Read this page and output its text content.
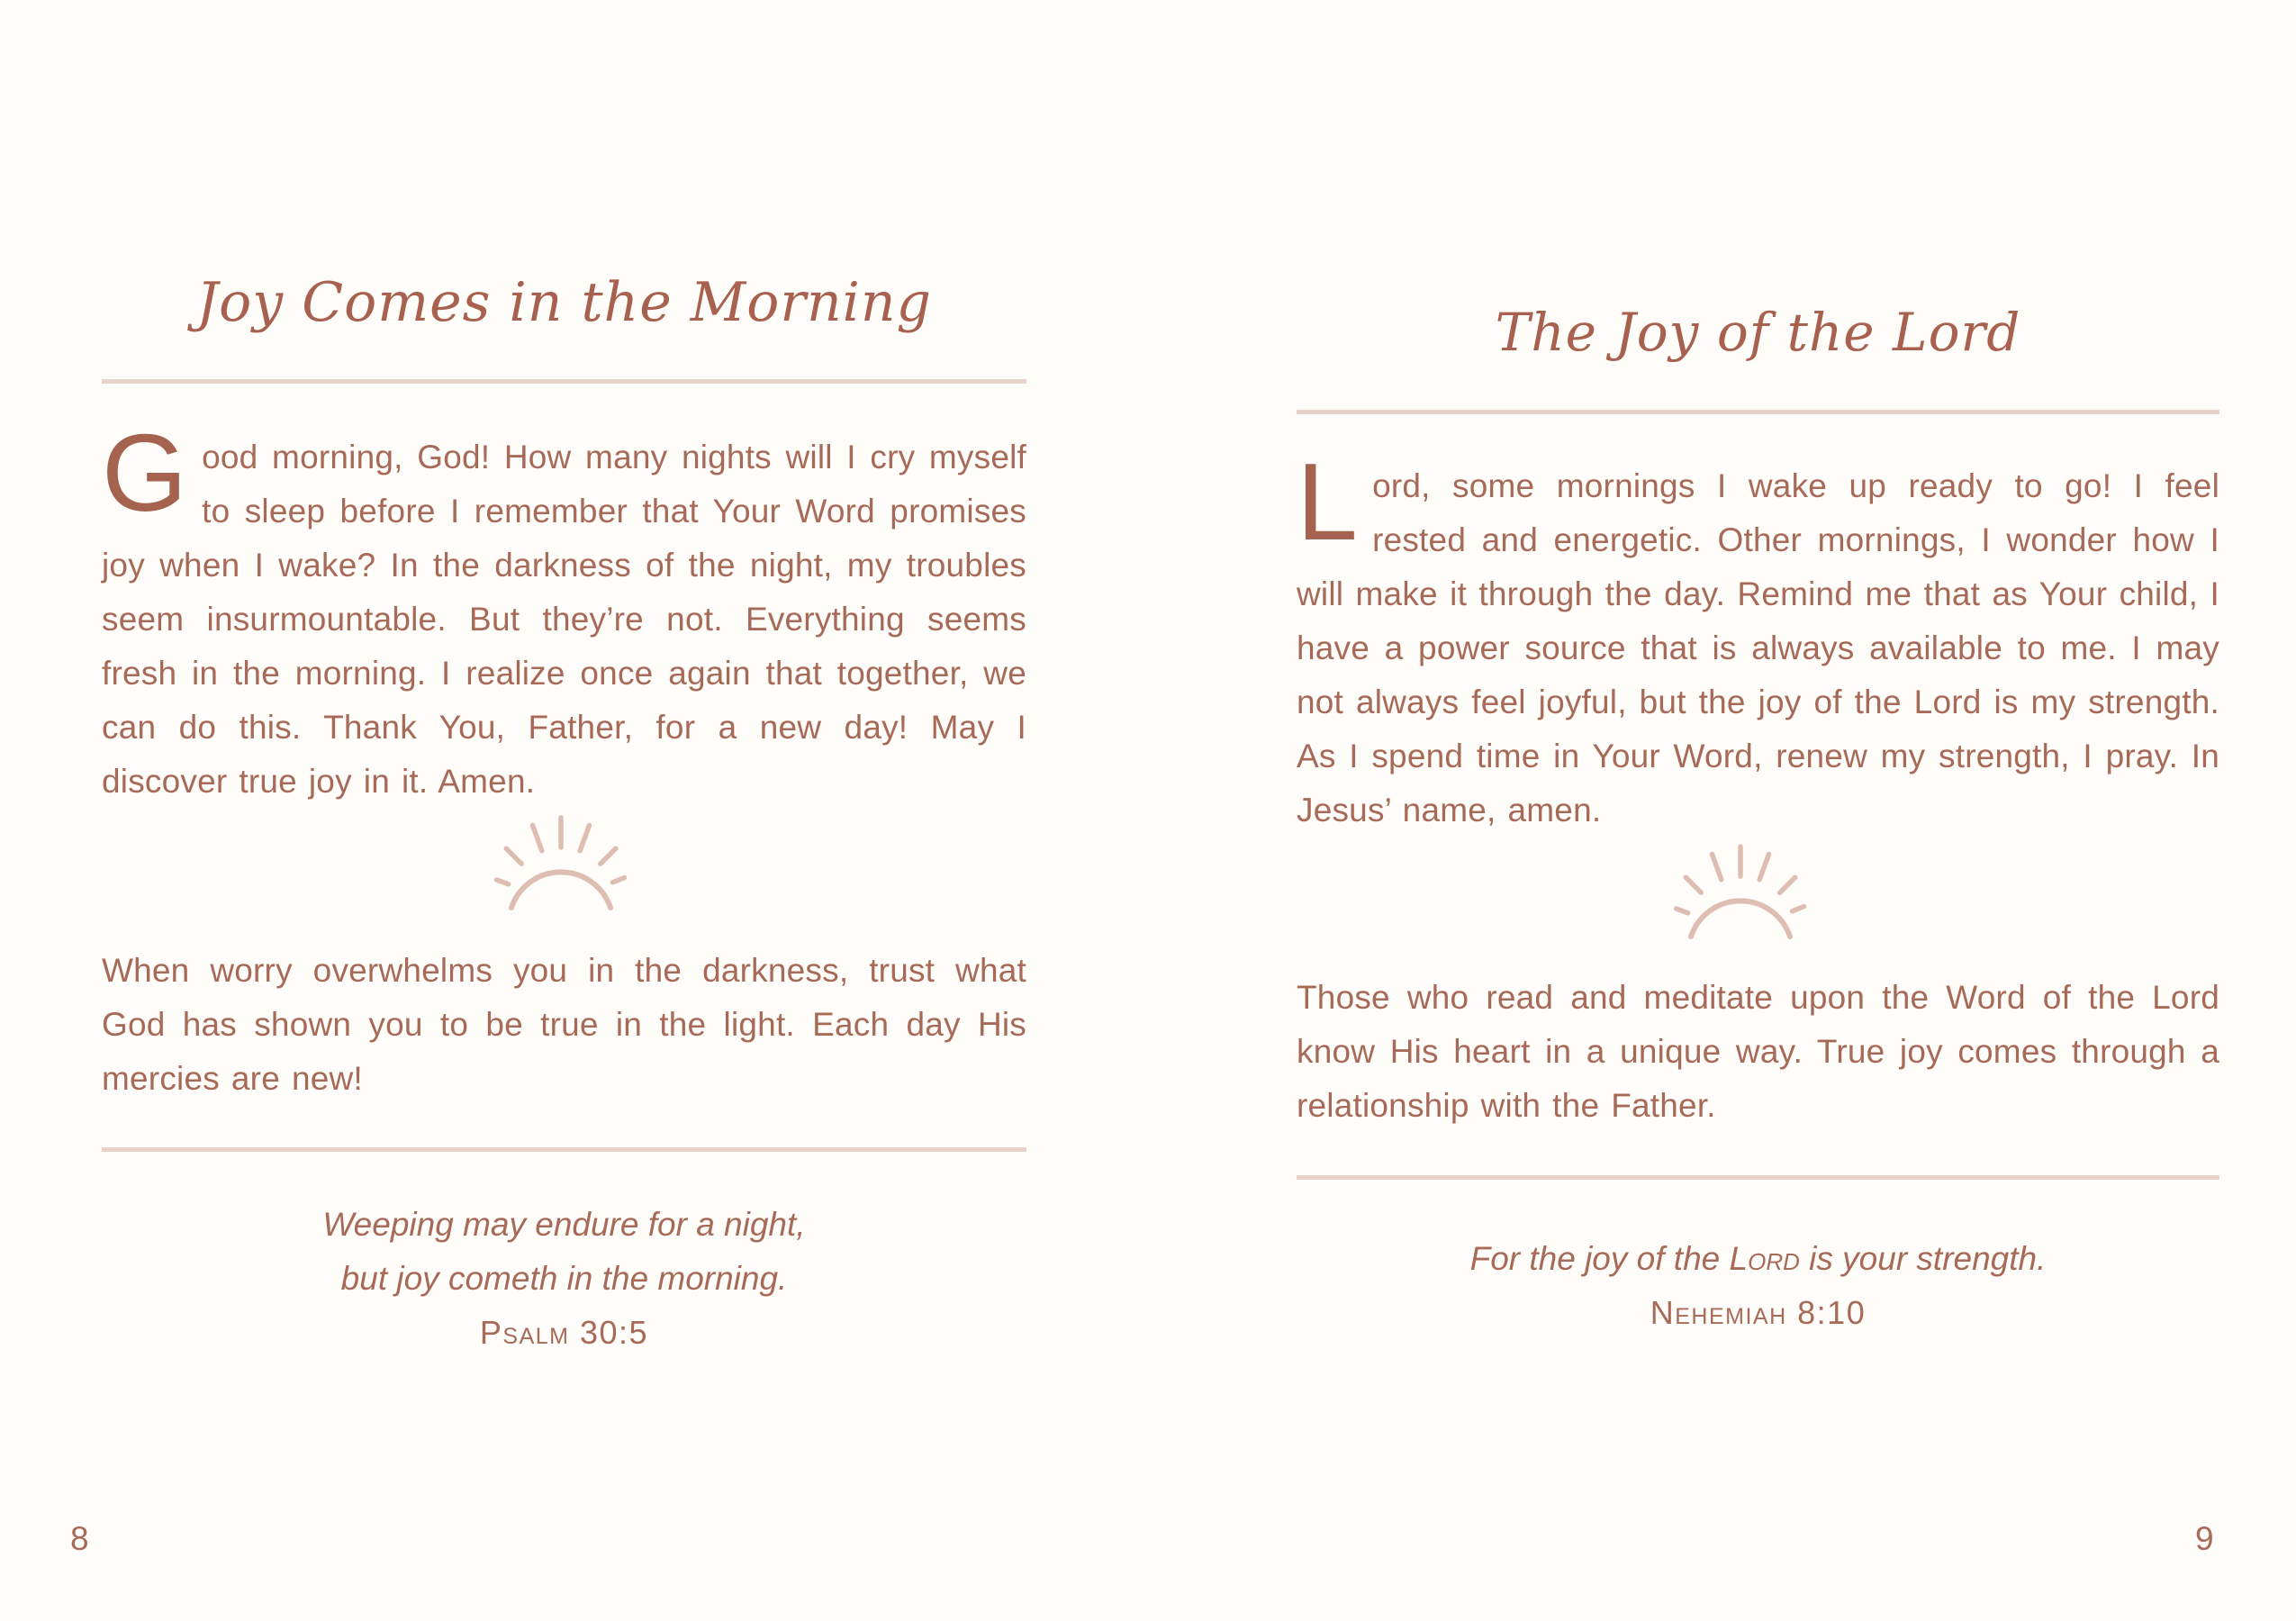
Joy Comes in the Morning

Good morning, God! How many nights will I cry myself to sleep before I remember that Your Word promises joy when I wake? In the darkness of the night, my troubles seem insurmountable. But they’re not. Everything seems fresh in the morning. I realize once again that together, we can do this. Thank You, Father, for a new day! May I discover true joy in it. Amen.

When worry overwhelms you in the darkness, trust what God has shown you to be true in the light. Each day His mercies are new!

Weeping may endure for a night,
but joy cometh in the morning.
Psalm 30:5
8
The Joy of the Lord

Lord, some mornings I wake up ready to go! I feel rested and energetic. Other mornings, I wonder how I will make it through the day. Remind me that as Your child, I have a power source that is always available to me. I may not always feel joyful, but the joy of the Lord is my strength. As I spend time in Your Word, renew my strength, I pray. In Jesus’ name, amen.

Those who read and meditate upon the Word of the Lord know His heart in a unique way. True joy comes through a relationship with the Father.

For the joy of the Lord is your strength.
Nehemiah 8:10
9
